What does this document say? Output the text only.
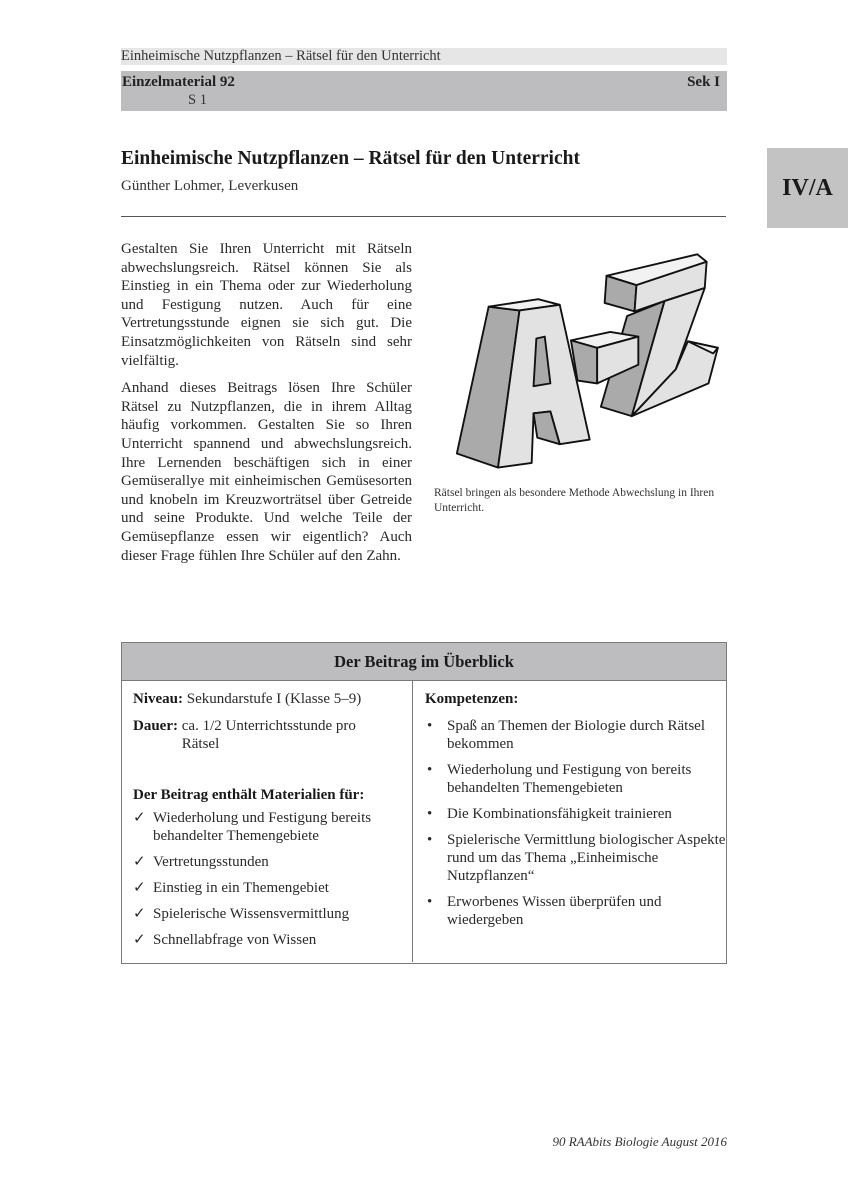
Einheimische Nutzpflanzen – Rätsel für den Unterricht
Einzelmaterial 92
S 1
Sek I
IV/A
Einheimische Nutzpflanzen – Rätsel für den Unterricht
Günther Lohmer, Leverkusen

Gestalten Sie Ihren Unterricht mit Rätseln abwechslungsreich. Rätsel können Sie als Einstieg in ein Thema oder zur Wiederholung und Festigung nutzen. Auch für eine Vertretungsstunde eignen sie sich gut. Die Einsatzmöglichkeiten von Rätseln sind sehr vielfältig.

Anhand dieses Beitrags lösen Ihre Schüler Rätsel zu Nutzpflanzen, die in ihrem Alltag häufig vorkommen. Gestalten Sie so Ihren Unterricht spannend und abwechslungsreich. Ihre Lernenden beschäftigen sich in einer Gemüserallye mit einheimischen Gemüsesorten und knobeln im Kreuzworträtsel über Getreide und seine Produkte. Und welche Teile der Gemüsepflanze essen wir eigentlich? Auch dieser Frage fühlen Ihre Schüler auf den Zahn.

Rätsel bringen als besondere Methode Abwechslung in Ihren Unterricht.
Der Beitrag im Überblick
Niveau: Sekundarstufe I (Klasse 5–9)
Dauer: ca. 1/2 Unterrichtsstunde pro
Rätsel
Der Beitrag enthält Materialien für:
✓ Wiederholung und Festigung bereits behandelter Themengebiete
✓ Vertretungsstunden
✓ Einstieg in ein Themengebiet
✓ Spielerische Wissensvermittlung
✓ Schnellabfrage von Wissen
Kompetenzen:
• Spaß an Themen der Biologie durch Rätsel bekommen
• Wiederholung und Festigung von bereits behandelten Themengebieten
• Die Kombinationsfähigkeit trainieren
• Spielerische Vermittlung biologischer Aspekte rund um das Thema „Einheimische Nutzpflanzen“
• Erworbenes Wissen überprüfen und wiedergeben
90 RAAbits Biologie August 2016
